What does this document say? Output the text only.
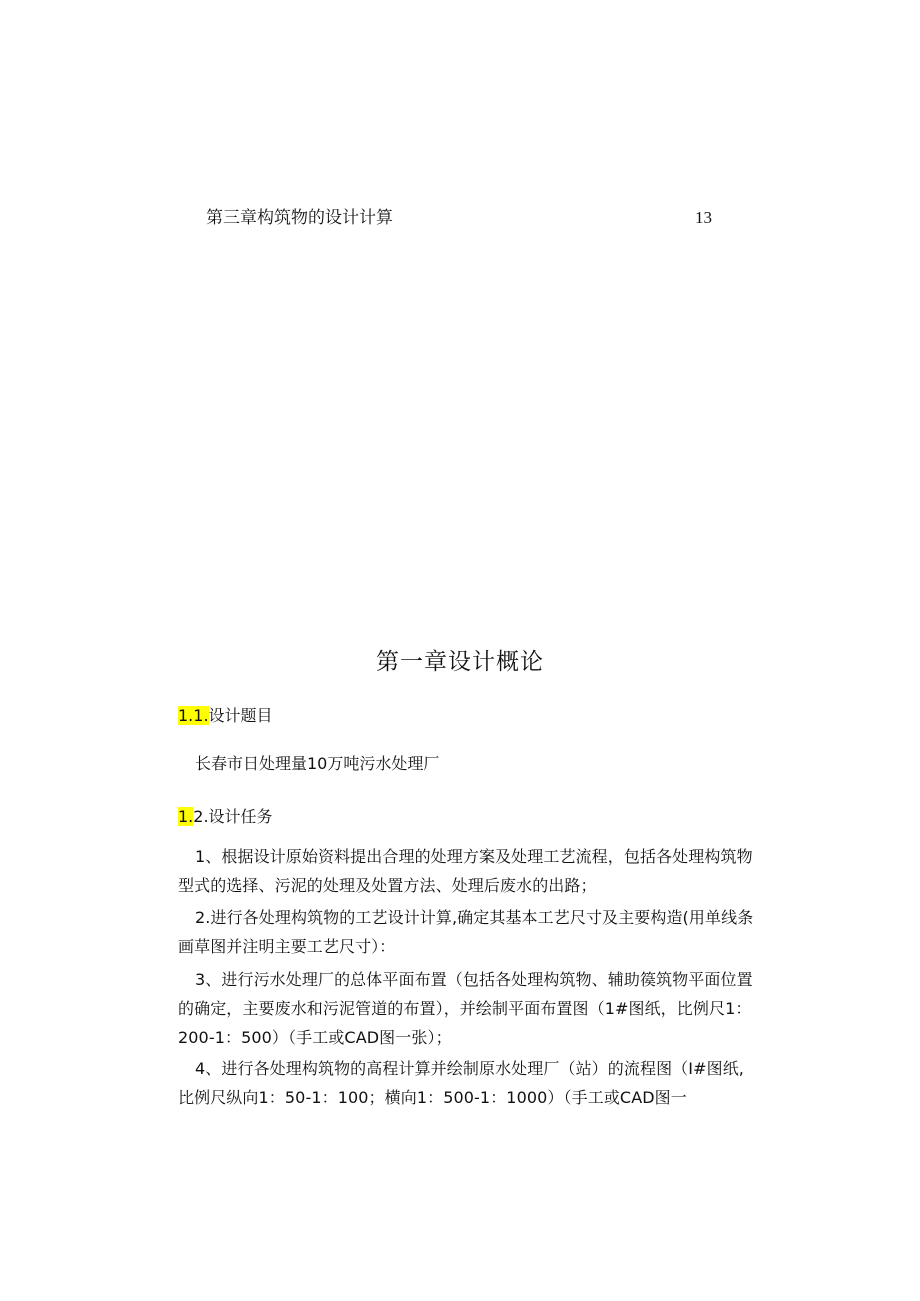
第三章构筑物的设计计算	13
第一章设计概论
1.1.设计题目
长春市日处理量10万吨污水处理厂
1.2.设计任务

1、根据设计原始资料提出合理的处理方案及处理工艺流程，包括各处理构筑物型式的选择、污泥的处理及处置方法、处理后废水的出路；

2.进行各处理构筑物的工艺设计计算,确定其基本工艺尺寸及主要构造(用单线条画草图并注明主要工艺尺寸）：

3、进行污水处理厂的总体平面布置（包括各处理构筑物、辅助篌筑物平面位置的确定，主要废水和污泥管道的布置），并绘制平面布置图（1#图纸，比例尺1：200-1：500）（手工或CAD图一张）；

4、进行各处理构筑物的高程计算并绘制原水处理厂（站）的流程图（I#图纸,比例尺纵向1：50-1：100；横向1：500-1：1000）（手工或CAD图一
